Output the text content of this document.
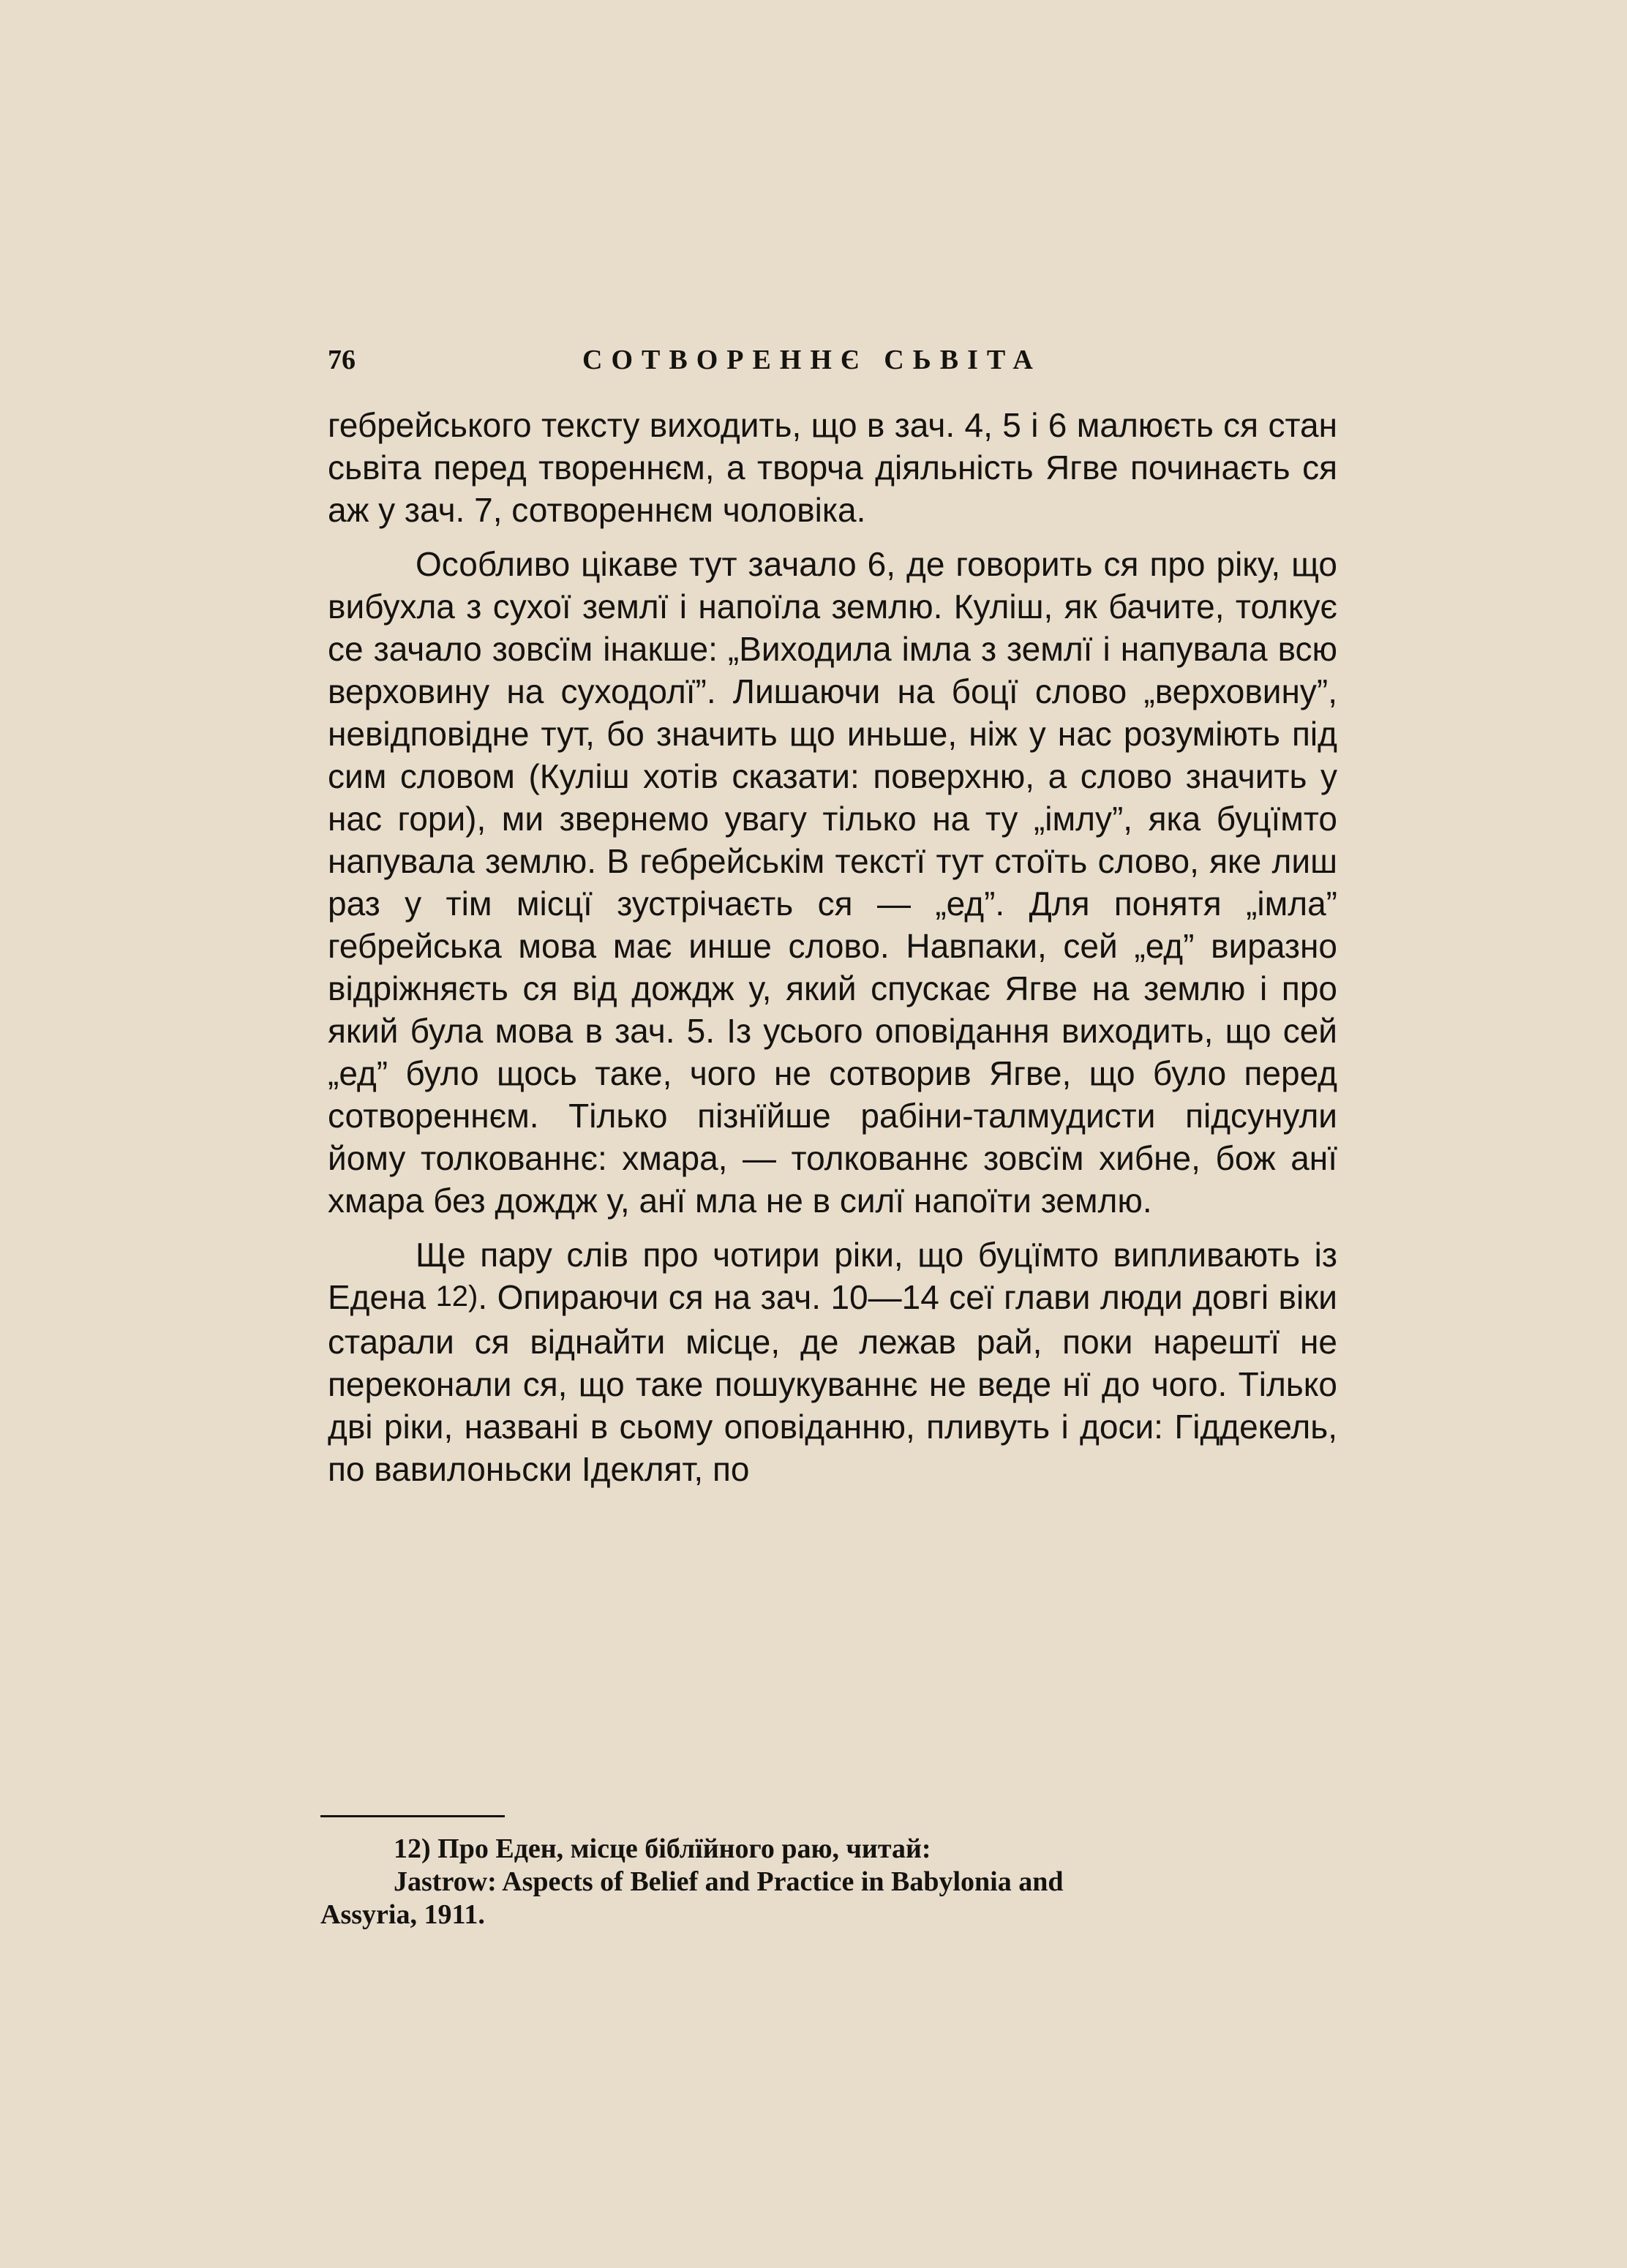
76	СОТВОРЕННЄ СЬВІТА

гебрейського тексту виходить, що в зач. 4, 5 і 6 малюєть ся стан сьвіта перед твореннєм, а творча діяльність Ягве починаєть ся аж у зач. 7, сотвореннєм чоловіка.

Особливо цікаве тут зачало 6, де говорить ся про ріку, що вибухла з сухої землї і напоїла землю. Куліш, як бачите, толкує се зачало зовсїм інакше: „Виходила імла з землї і напувала всю верховину на суходолї”. Лишаючи на боцї слово „верховину”, невідповідне тут, бо значить що иньше, ніж у нас розуміють під сим словом (Куліш хотів сказати: поверхню, а слово значить у нас гори), ми звернемо увагу тілько на ту „імлу”, яка буцїмто напувала землю. В гебрейськім текстї тут стоїть слово, яке лиш раз у тім місцї зустрічаєть ся — „ед”. Для понятя „імла” гебрейська мова має инше слово. Навпаки, сей „ед” виразно відріжняєть ся від дождж у, який спускає Ягве на землю і про який була мова в зач. 5. Із усього оповідання виходить, що сей „ед” було щось таке, чого не сотворив Ягве, що було перед сотвореннєм. Тілько пізнїйше рабіни-талмудисти підсунули йому толкованнє: хмара, — толкованнє зовсїм хибне, бож анї хмара без дождж у, анї мла не в силї напоїти землю.

Ще пару слів про чотири ріки, що буцїмто випливають із Едена 12). Опираючи ся на зач. 10—14 сеї глави люди довгі віки старали ся віднайти місце, де лежав рай, поки нарештї не переконали ся, що таке пошукуваннє не веде нї до чого. Тілько дві ріки, названі в сьому оповіданню, пливуть і доси: Гіддекель, по вавилоньски Ідеклят, по

12) Про Еден, місце біблїйного раю, читай:

Jastrow: Aspects of Belief and Practice in Babylonia and

Assyria, 1911.
